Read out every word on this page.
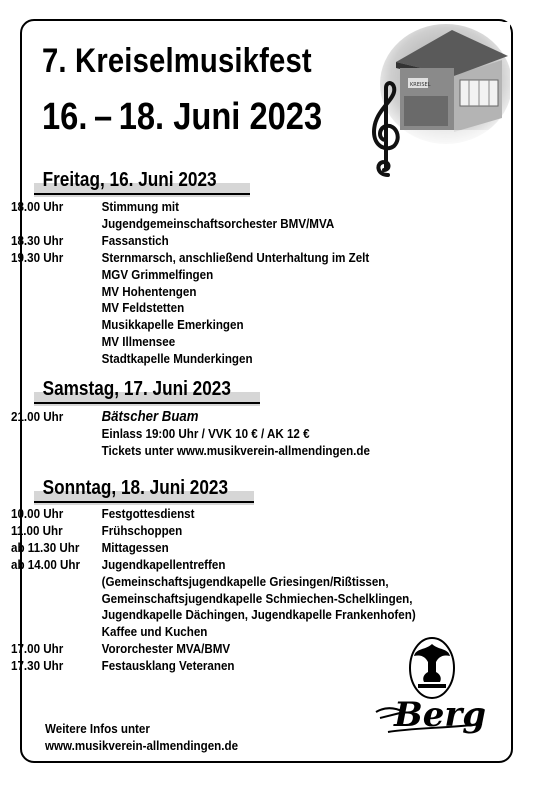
7. Kreiselmusikfest
16. – 18. Juni 2023
KREISEL
Freitag, 16. Juni 2023
18.00 Uhr	Stimmung mit
Jugendgemeinschaftsorchester BMV/MVA
18.30 Uhr	Fassanstich
19.30 Uhr	Sternmarsch, anschließend Unterhaltung im Zelt
MGV Grimmelfingen
MV Hohentengen
MV Feldstetten
Musikkapelle Emerkingen
MV Illmensee
Stadtkapelle Munderkingen
Samstag, 17. Juni 2023
21.00 Uhr	Bätscher Buam
Einlass 19:00 Uhr / VVK 10 € / AK 12 €
Tickets unter www.musikverein-allmendingen.de
Sonntag, 18. Juni 2023
10.00 Uhr	Festgottesdienst
11.00 Uhr	Frühschoppen
ab 11.30 Uhr	Mittagessen
ab 14.00 Uhr	Jugendkapellentreffen
(Gemeinschaftsjugendkapelle Griesingen/Rißtissen,
Gemeinschaftsjugendkapelle Schmiechen-Schelklingen,
Jugendkapelle Dächingen, Jugendkapelle Frankenhofen)
Kaffee und Kuchen
17.00 Uhr	Vororchester MVA/BMV
17.30 Uhr	Festausklang Veteranen
Weitere Infos unter
www.musikverein-allmendingen.de
Berg
